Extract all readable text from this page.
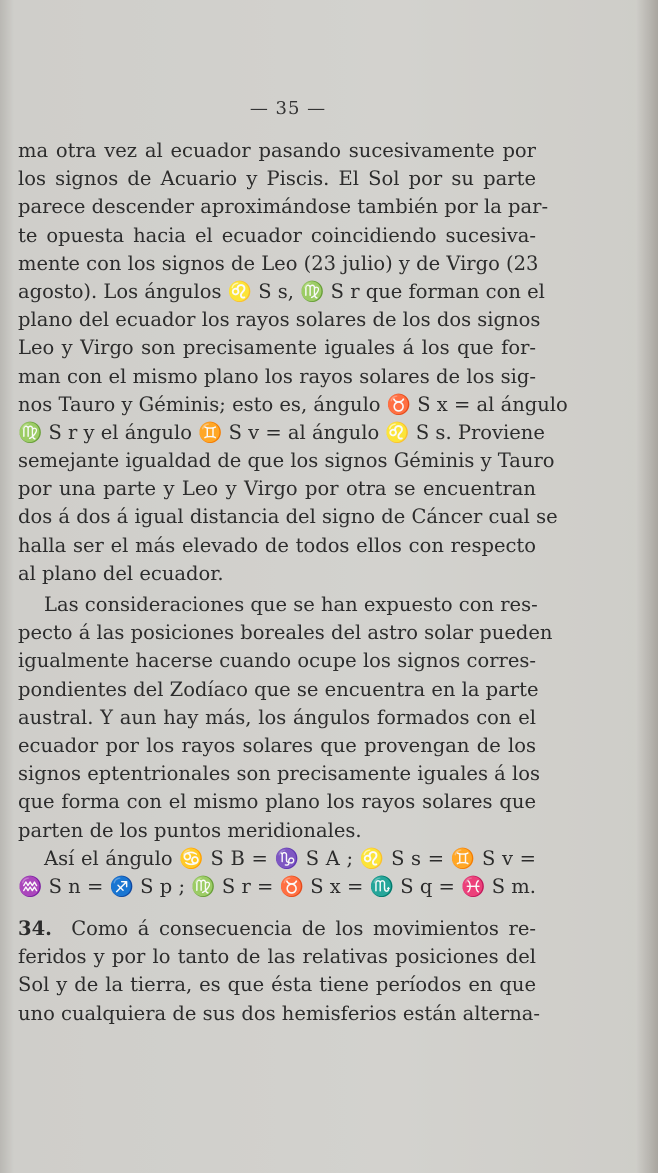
— 35 —
ma otra vez al ecuador pasando sucesivamente por
los signos de Acuario y Piscis. El Sol por su parte
parece descender aproximándose también por la par-
te opuesta hacia el ecuador coincidiendo sucesiva-
mente con los signos de Leo (23 julio) y de Virgo (23
agosto). Los ángulos ♌ S s, ♍ S r que forman con el
plano del ecuador los rayos solares de los dos signos
Leo y Virgo son precisamente iguales á los que for-
man con el mismo plano los rayos solares de los sig-
nos Tauro y Géminis; esto es, ángulo ♉ S x = al ángulo
♍ S r y el ángulo ♊ S v = al ángulo ♌ S s. Proviene
semejante igualdad de que los signos Géminis y Tauro
por una parte y Leo y Virgo por otra se encuentran
dos á dos á igual distancia del signo de Cáncer cual se
halla ser el más elevado de todos ellos con respecto
al plano del ecuador.
Las consideraciones que se han expuesto con res-
pecto á las posiciones boreales del astro solar pueden
igualmente hacerse cuando ocupe los signos corres-
pondientes del Zodíaco que se encuentra en la parte
austral. Y aun hay más, los ángulos formados con el
ecuador por los rayos solares que provengan de los
signos eptentrionales son precisamente iguales á los
que forma con el mismo plano los rayos solares que
parten de los puntos meridionales.
Así el ángulo ♋ S B = ♑ S A ; ♌ S s = ♊ S v =
♒ S n = ♐ S p ; ♍ S r = ♉ S x = ♏ S q = ♓ S m.
34. Como á consecuencia de los movimientos re-
feridos y por lo tanto de las relativas posiciones del
Sol y de la tierra, es que ésta tiene períodos en que
uno cualquiera de sus dos hemisferios están alterna-
